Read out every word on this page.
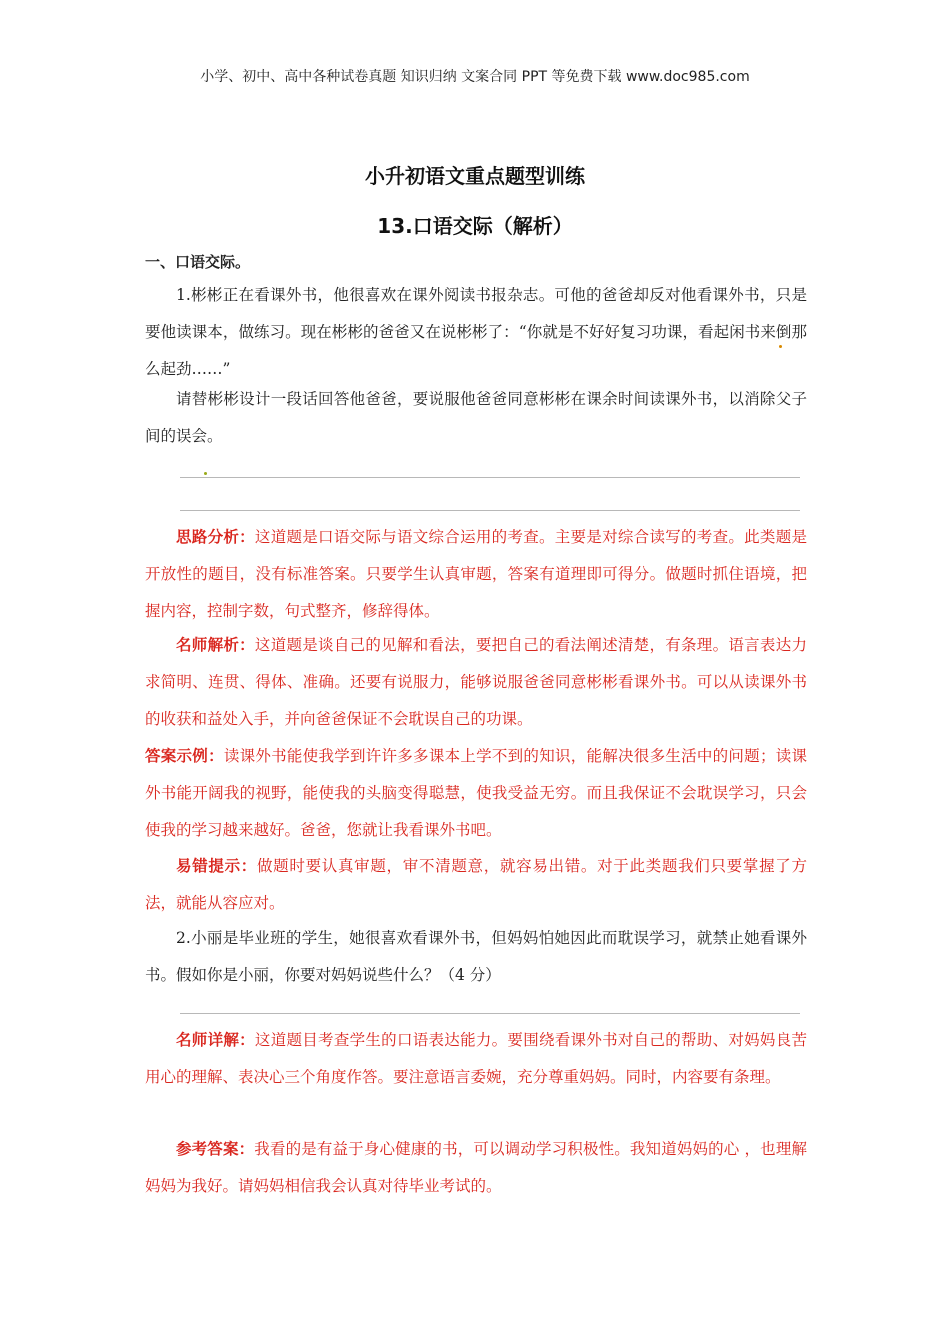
小学、初中、高中各种试卷真题 知识归纳 文案合同 PPT 等免费下载 www.doc985.com
小升初语文重点题型训练
13.口语交际（解析）
一、口语交际。

1.彬彬正在看课外书，他很喜欢在课外阅读书报杂志。可他的爸爸却反对他看课外书，只是要他读课本，做练习。现在彬彬的爸爸又在说彬彬了：“你就是不好好复习功课，看起闲书来倒那么起劲……”

请替彬彬设计一段话回答他爸爸，要说服他爸爸同意彬彬在课余时间读课外书，以消除父子间的误会。

思路分析：这道题是口语交际与语文综合运用的考查。主要是对综合读写的考查。此类题是开放性的题目，没有标准答案。只要学生认真审题，答案有道理即可得分。做题时抓住语境，把握内容，控制字数，句式整齐，修辞得体。

名师解析：这道题是谈自己的见解和看法，要把自己的看法阐述清楚，有条理。语言表达力求简明、连贯、得体、准确。还要有说服力，能够说服爸爸同意彬彬看课外书。可以从读课外书的收获和益处入手，并向爸爸保证不会耽误自己的功课。

答案示例：读课外书能使我学到许许多多课本上学不到的知识，能解决很多生活中的问题；读课外书能开阔我的视野，能使我的头脑变得聪慧，使我受益无穷。而且我保证不会耽误学习，只会使我的学习越来越好。爸爸，您就让我看课外书吧。

易错提示：做题时要认真审题，审不清题意，就容易出错。对于此类题我们只要掌握了方法，就能从容应对。

2.小丽是毕业班的学生，她很喜欢看课外书，但妈妈怕她因此而耽误学习，就禁止她看课外书。假如你是小丽，你要对妈妈说些什么？（4 分）

名师详解：这道题目考查学生的口语表达能力。要围绕看课外书对自己的帮助、对妈妈良苦用心的理解、表决心三个角度作答。要注意语言委婉，充分尊重妈妈。同时，内容要有条理。

参考答案：我看的是有益于身心健康的书，可以调动学习积极性。我知道妈妈的心 ，也理解妈妈为我好。请妈妈相信我会认真对待毕业考试的。
